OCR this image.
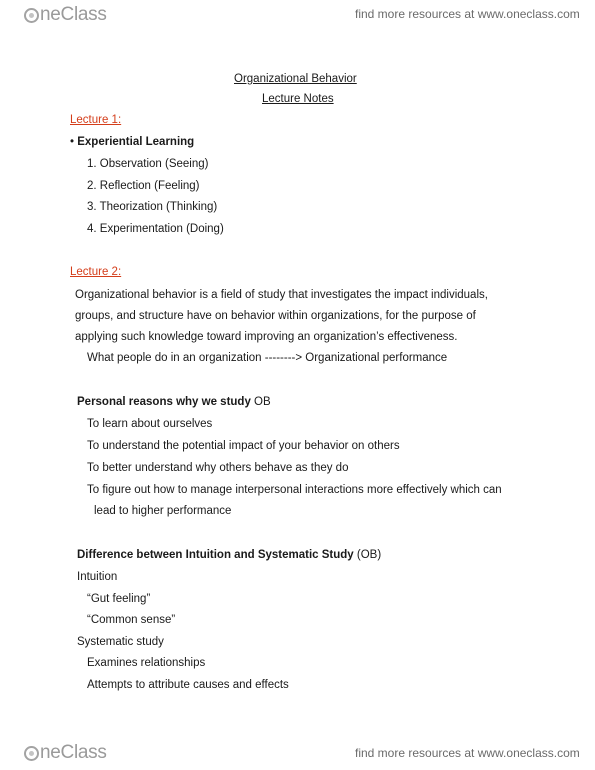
neClass	find more resources at www.oneclass.com
Organizational Behavior
Lecture Notes
Lecture 1:
• Experiential Learning
1. Observation (Seeing)
2. Reflection (Feeling)
3. Theorization (Thinking)
4. Experimentation (Doing)
Lecture 2:
Organizational behavior is a field of study that investigates the impact individuals,
groups, and structure have on behavior within organizations, for the purpose of
applying such knowledge toward improving an organization’s effectiveness.
What people do in an organization --------> Organizational performance
Personal reasons why we study OB
To learn about ourselves
To understand the potential impact of your behavior on others
To better understand why others behave as they do
To figure out how to manage interpersonal interactions more effectively which can
lead to higher performance
Difference between Intuition and Systematic Study (OB)
Intuition
“Gut feeling”
“Common sense”
Systematic study
Examines relationships
Attempts to attribute causes and effects
neClass	find more resources at www.oneclass.com
